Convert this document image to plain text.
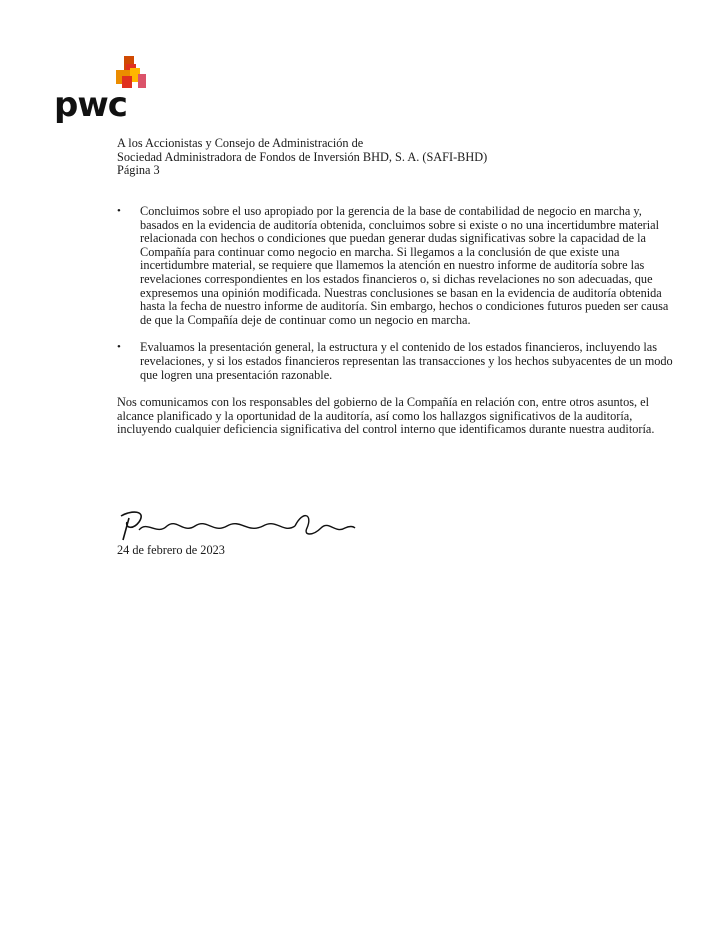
pwc
A los Accionistas y Consejo de Administración de
Sociedad Administradora de Fondos de Inversión BHD, S. A. (SAFI-BHD)
Página 3
• Concluimos sobre el uso apropiado por la gerencia de la base de contabilidad de negocio en marcha y, basados en la evidencia de auditoría obtenida, concluimos sobre si existe o no una incertidumbre material relacionada con hechos o condiciones que puedan generar dudas significativas sobre la capacidad de la Compañía para continuar como negocio en marcha. Si llegamos a la conclusión de que existe una incertidumbre material, se requiere que llamemos la atención en nuestro informe de auditoría sobre las revelaciones correspondientes en los estados financieros o, si dichas revelaciones no son adecuadas, que expresemos una opinión modificada. Nuestras conclusiones se basan en la evidencia de auditoría obtenida hasta la fecha de nuestro informe de auditoría. Sin embargo, hechos o condiciones futuros pueden ser causa de que la Compañía deje de continuar como un negocio en marcha.
• Evaluamos la presentación general, la estructura y el contenido de los estados financieros, incluyendo las revelaciones, y si los estados financieros representan las transacciones y los hechos subyacentes de un modo que logren una presentación razonable.
Nos comunicamos con los responsables del gobierno de la Compañía en relación con, entre otros asuntos, el alcance planificado y la oportunidad de la auditoría, así como los hallazgos significativos de la auditoría, incluyendo cualquier deficiencia significativa del control interno que identificamos durante nuestra auditoría.
24 de febrero de 2023
